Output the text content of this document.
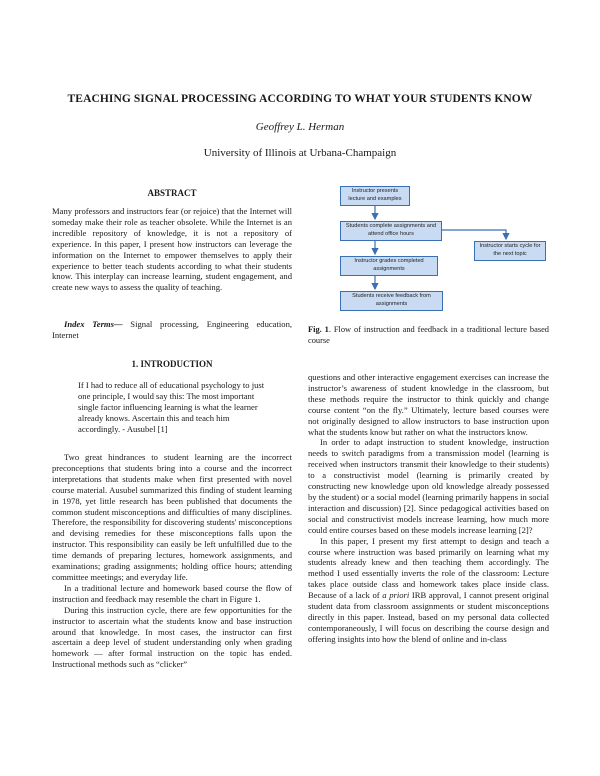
TEACHING SIGNAL PROCESSING ACCORDING TO WHAT YOUR STUDENTS KNOW
Geoffrey L. Herman
University of Illinois at Urbana-Champaign
ABSTRACT

Many professors and instructors fear (or rejoice) that the Internet will someday make their role as teacher obsolete. While the Internet is an incredible repository of knowledge, it is not a repository of experience. In this paper, I present how instructors can leverage the information on the Internet to empower themselves to apply their experience to better teach students according to what their students know. This interplay can increase learning, student engagement, and create new ways to assess the quality of teaching.

Index Terms— Signal processing, Engineering education, Internet
1. INTRODUCTION
If I had to reduce all of educational psychology to just one principle, I would say this: The most important single factor influencing learning is what the learner already knows. Ascertain this and teach him accordingly. - Ausubel [1]

Two great hindrances to student learning are the incorrect preconceptions that students bring into a course and the incorrect interpretations that students make when first presented with novel course material. Ausubel summarized this finding of student learning in 1978, yet little research has been published that documents the common student misconceptions and difficulties of many disciplines. Therefore, the responsibility for discovering students' misconceptions and devising remedies for these misconceptions falls upon the instructor. This responsibility can easily be left unfulfilled due to the time demands of preparing lectures, homework assignments, and examinations; grading assignments; holding office hours; attending committee meetings; and everyday life.

In a traditional lecture and homework based course the flow of instruction and feedback may resemble the chart in Figure 1.

During this instruction cycle, there are few opportunities for the instructor to ascertain what the students know and base instruction around that knowledge. In most cases, the instructor can first ascertain a deep level of student understanding only when grading homework — after formal instruction on the topic has ended. Instructional methods such as “clicker”

Instructor presents lecture and examples
Students complete assignments and attend office hours
Instructor grades completed assignments
Students receive feedback from assignments
Instructor starts cycle for the next topic
Fig. 1. Flow of instruction and feedback in a traditional lecture based course

questions and other interactive engagement exercises can increase the instructor’s awareness of student knowledge in the classroom, but these methods require the instructor to think quickly and change course content “on the fly.” Ultimately, lecture based courses were not originally designed to allow instructors to base instruction upon what the students know but rather on what the instructors know.

In order to adapt instruction to student knowledge, instruction needs to switch paradigms from a transmission model (learning is received when instructors transmit their knowledge to their students) to a constructivist model (learning is primarily created by constructing new knowledge upon old knowledge already possessed by the student) or a social model (learning primarily happens in social interaction and discussion) [2]. Since pedagogical activities based on social and constructivist models increase learning, how much more could entire courses based on these models increase learning [2]?

In this paper, I present my first attempt to design and teach a course where instruction was based primarily on learning what my students already knew and then teaching them accordingly. The method I used essentially inverts the role of the classroom: Lecture takes place outside class and homework takes place inside class. Because of a lack of a priori IRB approval, I cannot present original student data from classroom assignments or student misconceptions directly in this paper. Instead, based on my personal data collected contemporaneously, I will focus on describing the course design and offering insights into how the blend of online and in-class
